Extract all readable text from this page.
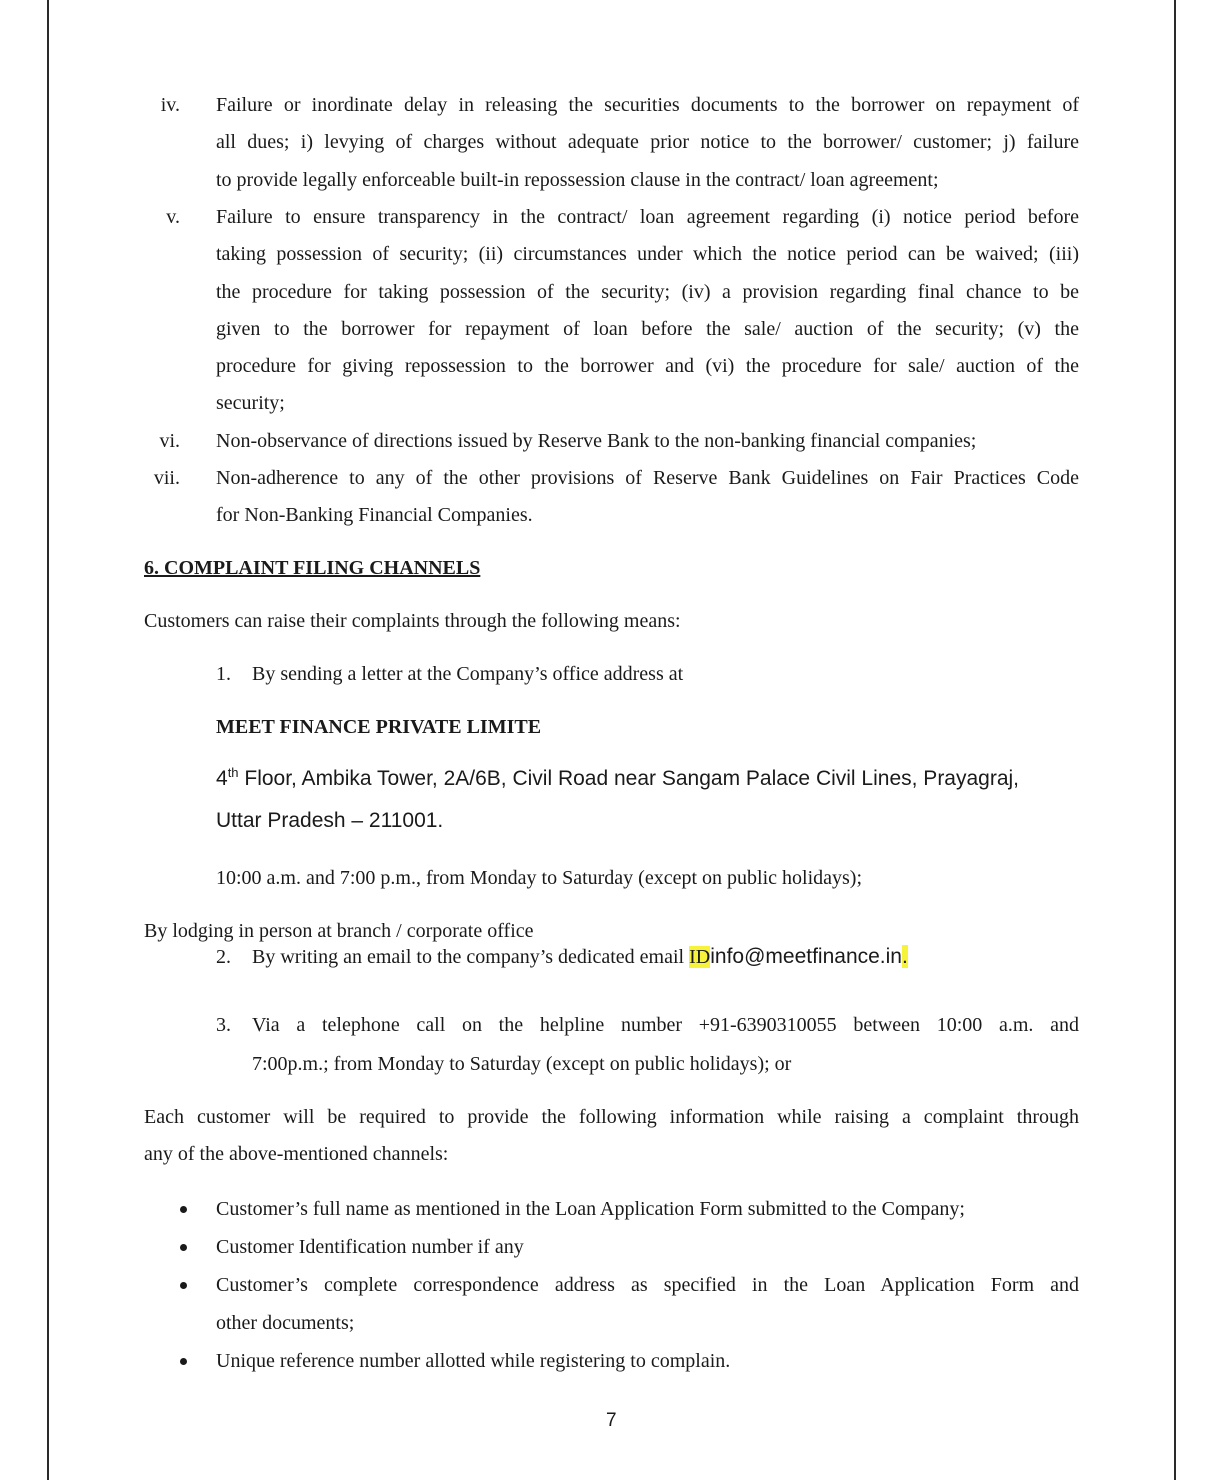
iv. Failure or inordinate delay in releasing the securities documents to the borrower on repayment of
all dues; i) levying of charges without adequate prior notice to the borrower/ customer; j) failure
to provide legally enforceable built-in repossession clause in the contract/ loan agreement;
v. Failure to ensure transparency in the contract/ loan agreement regarding (i) notice period before
taking possession of security; (ii) circumstances under which the notice period can be waived; (iii)
the procedure for taking possession of the security; (iv) a provision regarding final chance to be
given to the borrower for repayment of loan before the sale/ auction of the security; (v) the
procedure for giving repossession to the borrower and (vi) the procedure for sale/ auction of the
security;
vi. Non-observance of directions issued by Reserve Bank to the non-banking financial companies;
vii. Non-adherence to any of the other provisions of Reserve Bank Guidelines on Fair Practices Code
for Non-Banking Financial Companies.
6. COMPLAINT FILING CHANNELS
Customers can raise their complaints through the following means:
1. By sending a letter at the Company’s office address at
MEET FINANCE PRIVATE LIMITE
4th Floor, Ambika Tower, 2A/6B, Civil Road near Sangam Palace Civil Lines, Prayagraj,
Uttar Pradesh – 211001.
10:00 a.m. and 7:00 p.m., from Monday to Saturday (except on public holidays);
By lodging in person at branch / corporate office
2. By writing an email to the company’s dedicated email IDinfo@meetfinance.in.
3. Via a telephone call on the helpline number +91-6390310055 between 10:00 a.m. and
7:00p.m.; from Monday to Saturday (except on public holidays); or
Each customer will be required to provide the following information while raising a complaint through
any of the above-mentioned channels:
Customer’s full name as mentioned in the Loan Application Form submitted to the Company;
Customer Identification number if any
Customer’s complete correspondence address as specified in the Loan Application Form and
other documents;
Unique reference number allotted while registering to complain.
7
